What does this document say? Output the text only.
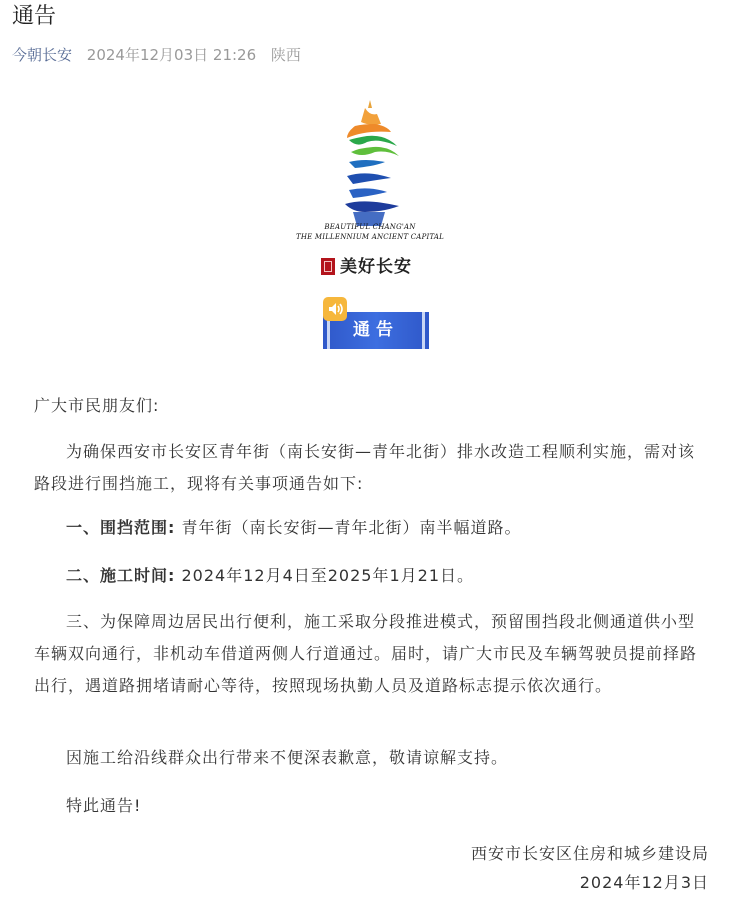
通告
今朝长安 2024年12月03日 21:26 陕西
BEAUTIFUL CHANG'AN
THE MILLENNIUM ANCIENT CAPITAL
美好长安
通告

广大市民朋友们:

为确保西安市长安区青年街（南长安街—青年北街）排水改造工程顺利实施，需对该路段进行围挡施工，现将有关事项通告如下:

一、围挡范围: 青年街（南长安街—青年北街）南半幅道路。

二、施工时间: 2024年12月4日至2025年1月21日。

三、为保障周边居民出行便利，施工采取分段推进模式，预留围挡段北侧通道供小型车辆双向通行，非机动车借道两侧人行道通过。届时，请广大市民及车辆驾驶员提前择路出行，遇道路拥堵请耐心等待，按照现场执勤人员及道路标志提示依次通行。

因施工给沿线群众出行带来不便深表歉意，敬请谅解支持。

特此通告!

西安市长安区住房和城乡建设局
2024年12月3日
